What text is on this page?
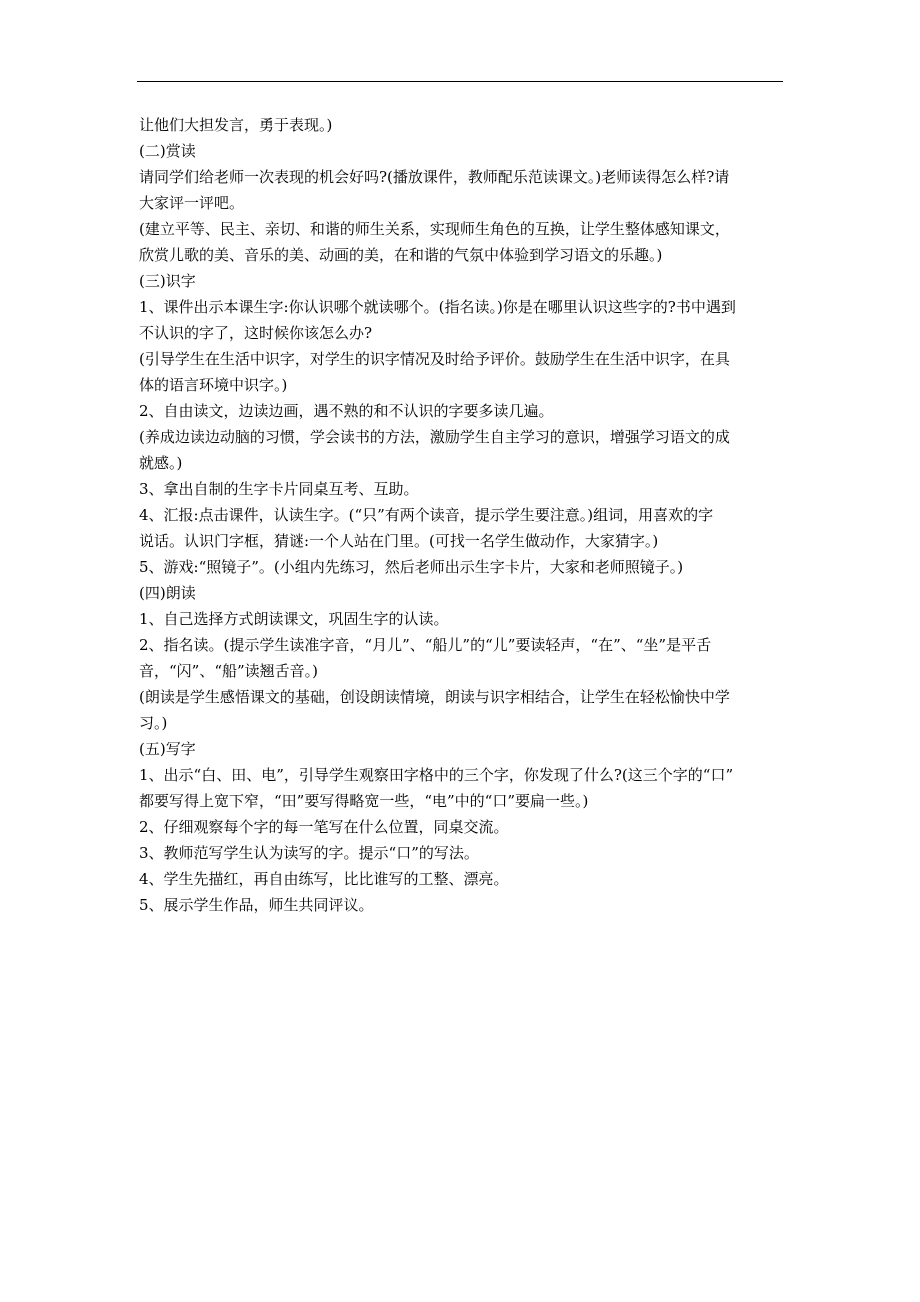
让他们大担发言，勇于表现。)
(二)赏读
请同学们给老师一次表现的机会好吗?(播放课件，教师配乐范读课文。)老师读得怎么样?请
大家评一评吧。
(建立平等、民主、亲切、和谐的师生关系，实现师生角色的互换，让学生整体感知课文，
欣赏儿歌的美、音乐的美、动画的美，在和谐的气氛中体验到学习语文的乐趣。)
(三)识字
1、课件出示本课生字:你认识哪个就读哪个。(指名读。)你是在哪里认识这些字的?书中遇到
不认识的字了，这时候你该怎么办?
(引导学生在生活中识字，对学生的识字情况及时给予评价。鼓励学生在生活中识字，在具
体的语言环境中识字。)
2、自由读文，边读边画，遇不熟的和不认识的字要多读几遍。
(养成边读边动脑的习惯，学会读书的方法，激励学生自主学习的意识，增强学习语文的成
就感。)
3、拿出自制的生字卡片同桌互考、互助。
4、汇报:点击课件，认读生字。(“只”有两个读音，提示学生要注意。)组词，用喜欢的字
说话。认识门字框，猜谜:一个人站在门里。(可找一名学生做动作，大家猜字。)
5、游戏:“照镜子”。(小组内先练习，然后老师出示生字卡片，大家和老师照镜子。)
(四)朗读
1、自己选择方式朗读课文，巩固生字的认读。
2、指名读。(提示学生读准字音，“月儿”、“船儿”的“儿”要读轻声，“在”、“坐”是平舌
音，“闪”、“船”读翘舌音。)
(朗读是学生感悟课文的基础，创设朗读情境，朗读与识字相结合，让学生在轻松愉快中学
习。)
(五)写字
1、出示“白、田、电”，引导学生观察田字格中的三个字，你发现了什么?(这三个字的“口”
都要写得上宽下窄，“田”要写得略宽一些，“电”中的“口”要扁一些。)
2、仔细观察每个字的每一笔写在什么位置，同桌交流。
3、教师范写学生认为读写的字。提示“口”的写法。
4、学生先描红，再自由练写，比比谁写的工整、漂亮。
5、展示学生作品，师生共同评议。
